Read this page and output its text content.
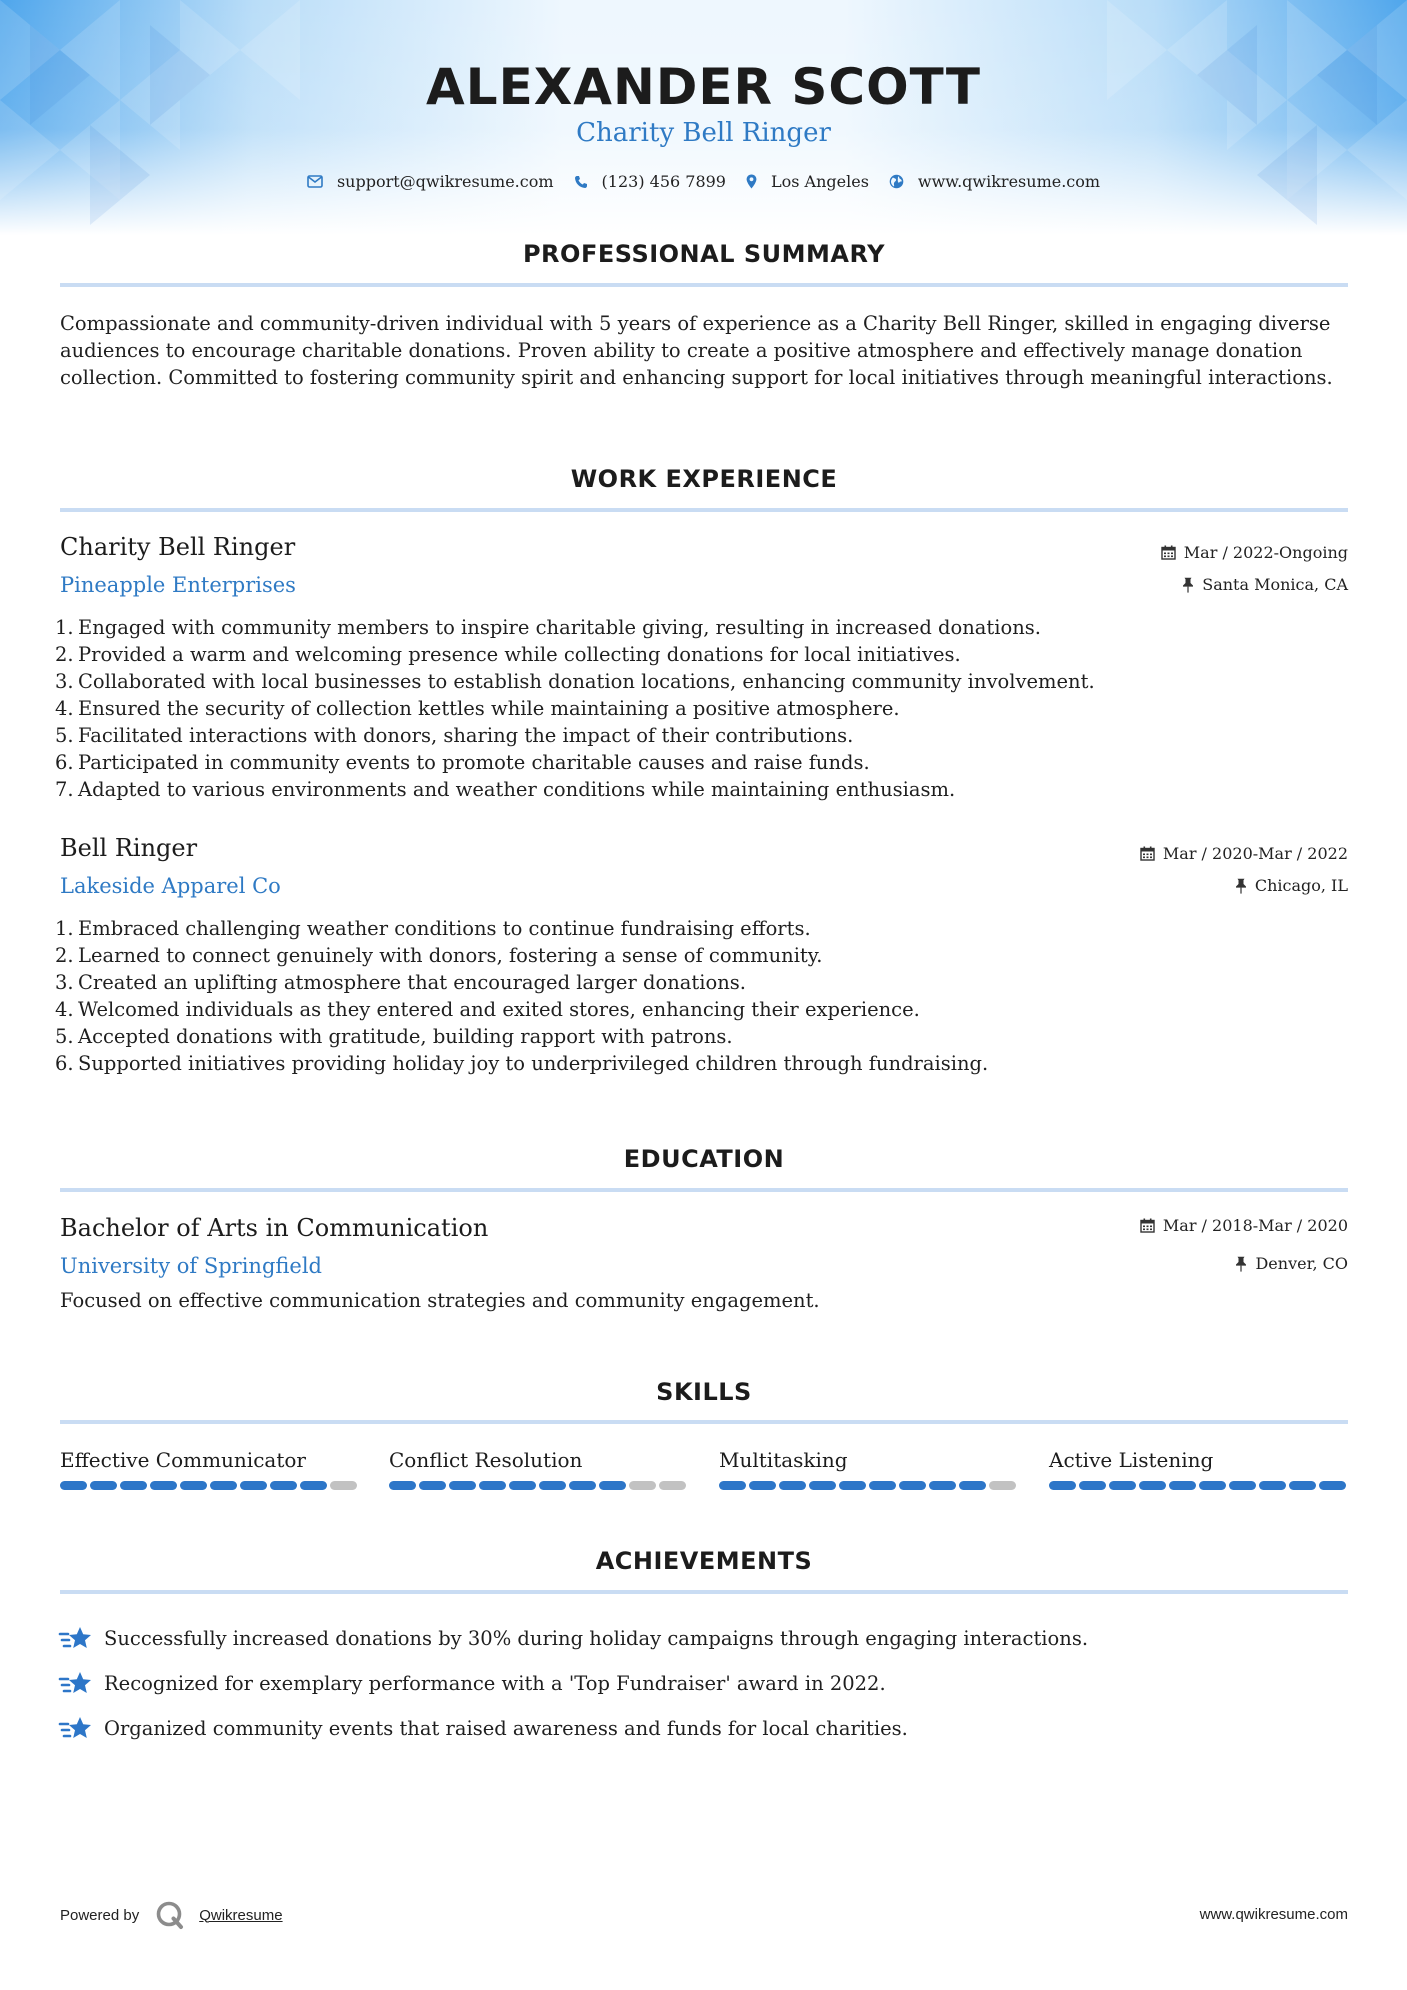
ALEXANDER SCOTT
Charity Bell Ringer
support@qwikresume.com	(123) 456 7899	Los Angeles	www.qwikresume.com
PROFESSIONAL SUMMARY
Compassionate and community-driven individual with 5 years of experience as a Charity Bell Ringer, skilled in engaging diverse audiences to encourage charitable donations. Proven ability to create a positive atmosphere and effectively manage donation collection. Committed to fostering community spirit and enhancing support for local initiatives through meaningful interactions.
WORK EXPERIENCE
Charity Bell Ringer
Pineapple Enterprises
Mar / 2022-Ongoing
Santa Monica, CA
1. Engaged with community members to inspire charitable giving, resulting in increased donations.
2. Provided a warm and welcoming presence while collecting donations for local initiatives.
3. Collaborated with local businesses to establish donation locations, enhancing community involvement.
4. Ensured the security of collection kettles while maintaining a positive atmosphere.
5. Facilitated interactions with donors, sharing the impact of their contributions.
6. Participated in community events to promote charitable causes and raise funds.
7. Adapted to various environments and weather conditions while maintaining enthusiasm.
Bell Ringer
Lakeside Apparel Co
Mar / 2020-Mar / 2022
Chicago, IL
1. Embraced challenging weather conditions to continue fundraising efforts.
2. Learned to connect genuinely with donors, fostering a sense of community.
3. Created an uplifting atmosphere that encouraged larger donations.
4. Welcomed individuals as they entered and exited stores, enhancing their experience.
5. Accepted donations with gratitude, building rapport with patrons.
6. Supported initiatives providing holiday joy to underprivileged children through fundraising.
EDUCATION
Bachelor of Arts in Communication
University of Springfield
Mar / 2018-Mar / 2020
Denver, CO
Focused on effective communication strategies and community engagement.
SKILLS
Effective Communicator	Conflict Resolution	Multitasking	Active Listening
ACHIEVEMENTS
Successfully increased donations by 30% during holiday campaigns through engaging interactions.
Recognized for exemplary performance with a 'Top Fundraiser' award in 2022.
Organized community events that raised awareness and funds for local charities.
Powered by	Qwikresume	www.qwikresume.com
